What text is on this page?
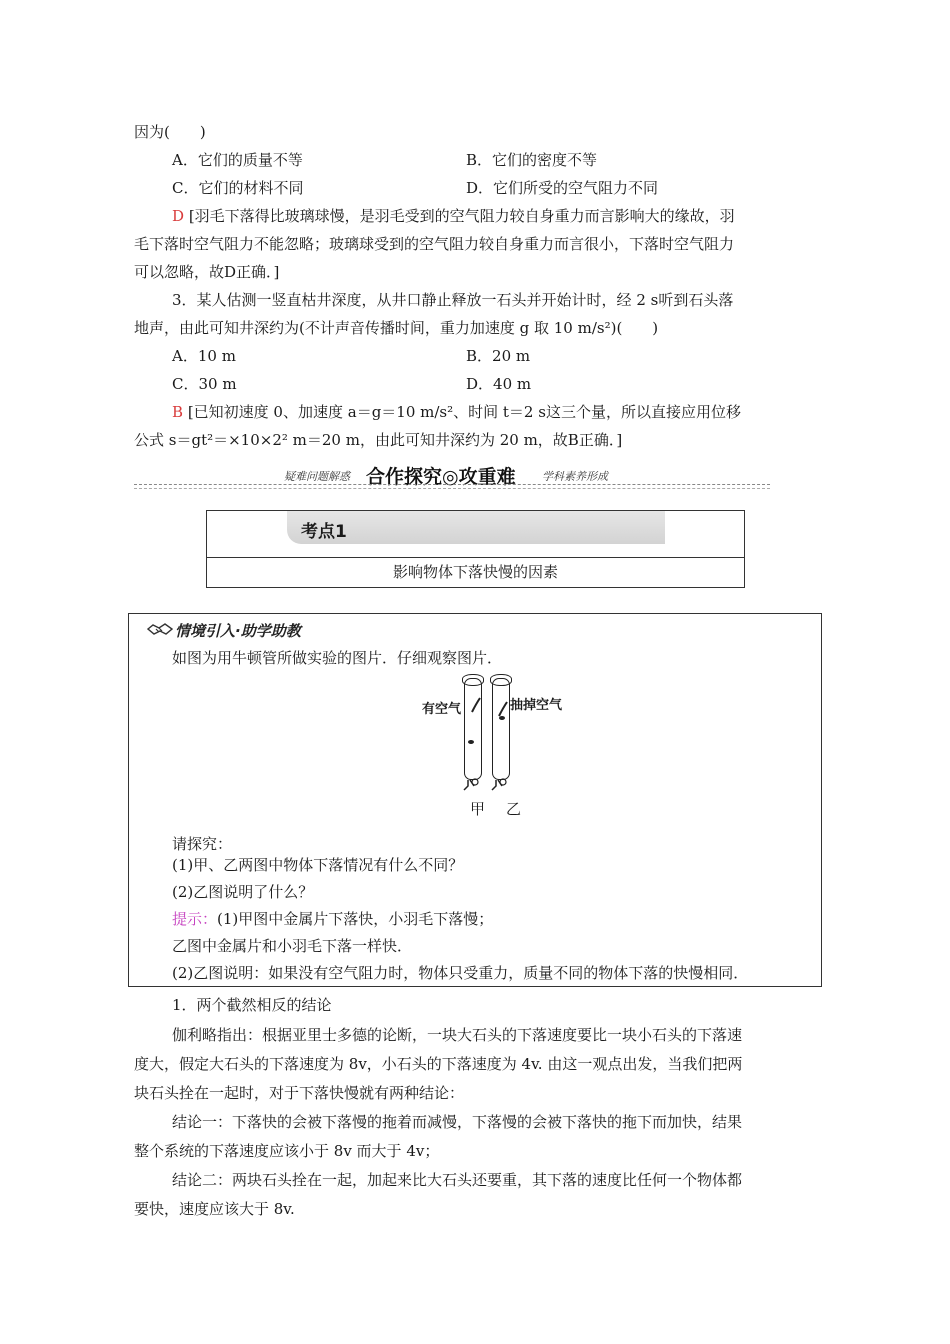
因为(　　)
A．它们的质量不等	B．它们的密度不等
C．它们的材料不同	D．它们所受的空气阻力不同
D [羽毛下落得比玻璃球慢，是羽毛受到的空气阻力较自身重力而言影响大的缘故，羽
毛下落时空气阻力不能忽略；玻璃球受到的空气阻力较自身重力而言很小，下落时空气阻力
可以忽略，故D正确．]
3．某人估测一竖直枯井深度，从井口静止释放一石头并开始计时，经 2 s听到石头落
地声，由此可知井深约为(不计声音传播时间，重力加速度 g 取 10 m/s²)(　　)
A．10 m	B．20 m
C．30 m	D．40 m
B [已知初速度 0、加速度 a＝g＝10 m/s²、时间 t＝2 s这三个量，所以直接应用位移
公式 s＝gt²＝×10×2² m＝20 m，由此可知井深约为 20 m，故B正确．]
疑难问题解惑 合作探究◎攻重难 学科素养形成
考点1
影响物体下落快慢的因素
情境引入·助学助教
如图为用牛顿管所做实验的图片．仔细观察图片．
有空气	抽掉空气
甲 乙
请探究：
(1)甲、乙两图中物体下落情况有什么不同？
(2)乙图说明了什么？
提示：(1)甲图中金属片下落快，小羽毛下落慢；
乙图中金属片和小羽毛下落一样快．
(2)乙图说明：如果没有空气阻力时，物体只受重力，质量不同的物体下落的快慢相同．
1．两个截然相反的结论
伽利略指出：根据亚里士多德的论断，一块大石头的下落速度要比一块小石头的下落速
度大，假定大石头的下落速度为 8v，小石头的下落速度为 4v. 由这一观点出发，当我们把两
块石头拴在一起时，对于下落快慢就有两种结论：
结论一：下落快的会被下落慢的拖着而减慢，下落慢的会被下落快的拖下而加快，结果
整个系统的下落速度应该小于 8v 而大于 4v；
结论二：两块石头拴在一起，加起来比大石头还要重，其下落的速度比任何一个物体都
要快，速度应该大于 8v.
